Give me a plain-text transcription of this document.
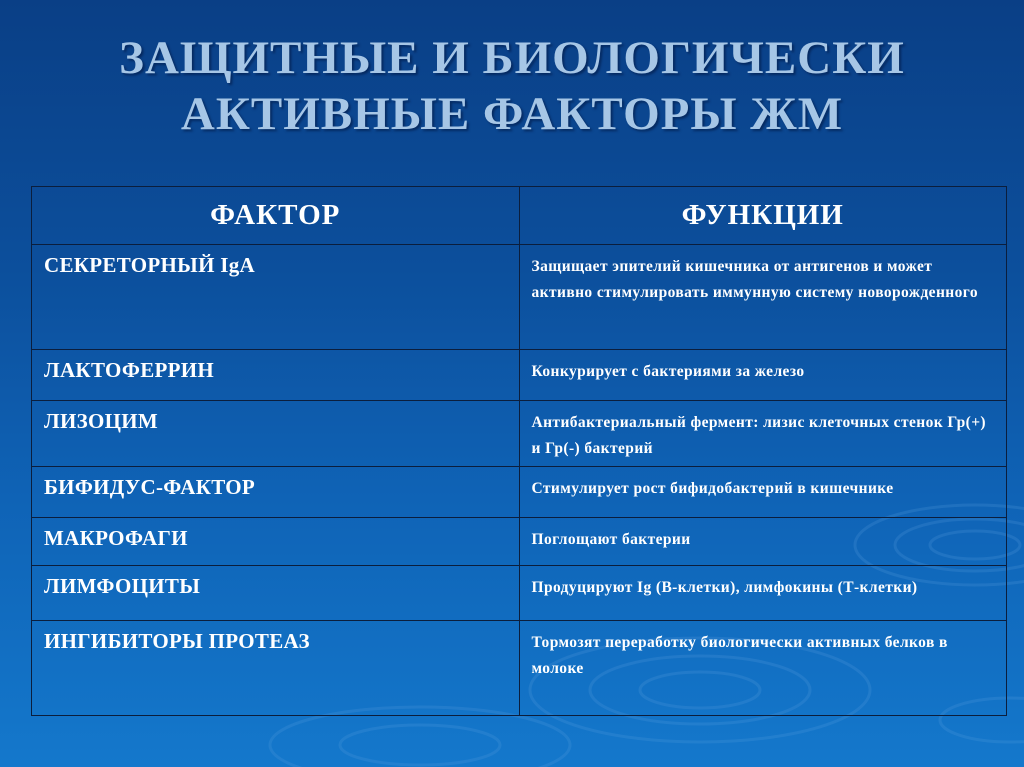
ЗАЩИТНЫЕ И БИОЛОГИЧЕСКИ
АКТИВНЫЕ ФАКТОРЫ ЖМ
ФАКТОР	ФУНКЦИИ
СЕКРЕТОРНЫЙ IgA	Защищает эпителий кишечника от антигенов и может активно стимулировать иммунную систему новорожденного
ЛАКТОФЕРРИН	Конкурирует с бактериями за железо
ЛИЗОЦИМ	Антибактериальный фермент: лизис клеточных стенок Гр(+) и Гр(-) бактерий
БИФИДУС-ФАКТОР	Стимулирует рост бифидобактерий в кишечнике
МАКРОФАГИ	Поглощают бактерии
ЛИМФОЦИТЫ	Продуцируют Ig (B-клетки), лимфокины (Т-клетки)
ИНГИБИТОРЫ ПРОТЕАЗ	Тормозят переработку биологически активных белков в молоке
